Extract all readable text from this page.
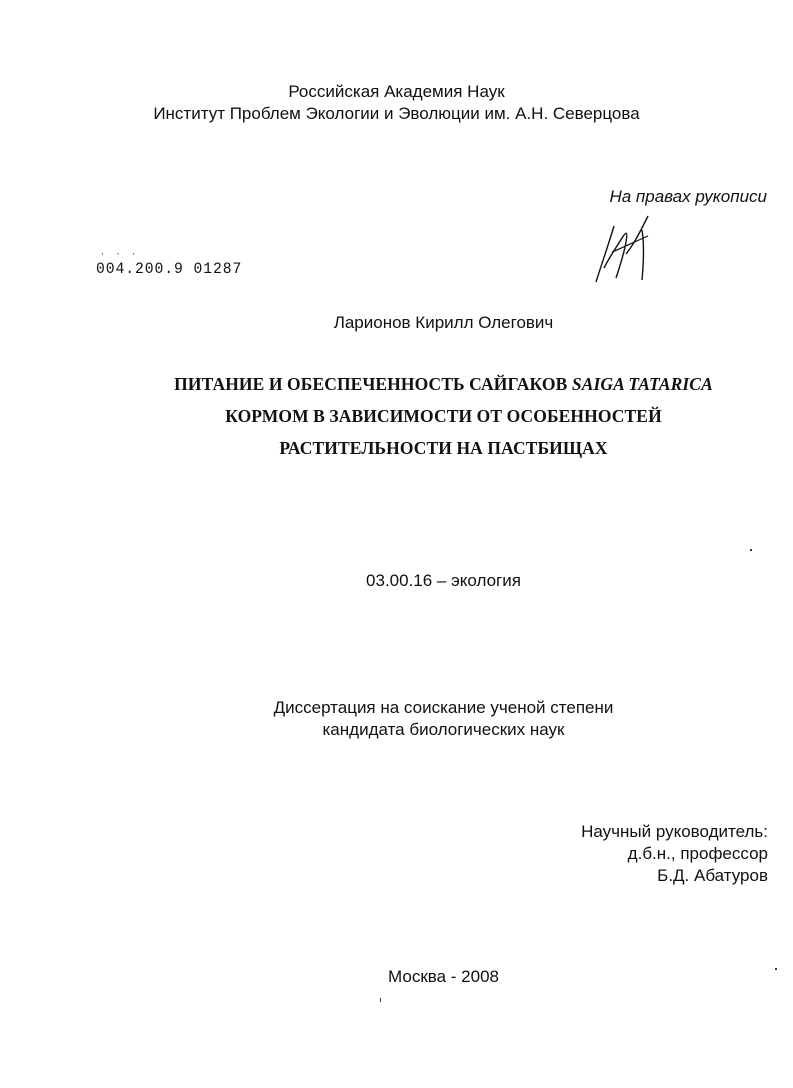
Российская Академия Наук
Институт Проблем Экологии и Эволюции им. А.Н. Северцова
На правах рукописи
· · ·
004.200.9 01287
Ларионов Кирилл Олегович
ПИТАНИЕ И ОБЕСПЕЧЕННОСТЬ САЙГАКОВ SAIGA TATARICA
КОРМОМ В ЗАВИСИМОСТИ ОТ ОСОБЕННОСТЕЙ
РАСТИТЕЛЬНОСТИ НА ПАСТБИЩАХ
03.00.16 – экология
Диссертация на соискание ученой степени
кандидата биологических наук
Научный руководитель:
д.б.н., профессор
Б.Д. Абатуров
Москва - 2008
